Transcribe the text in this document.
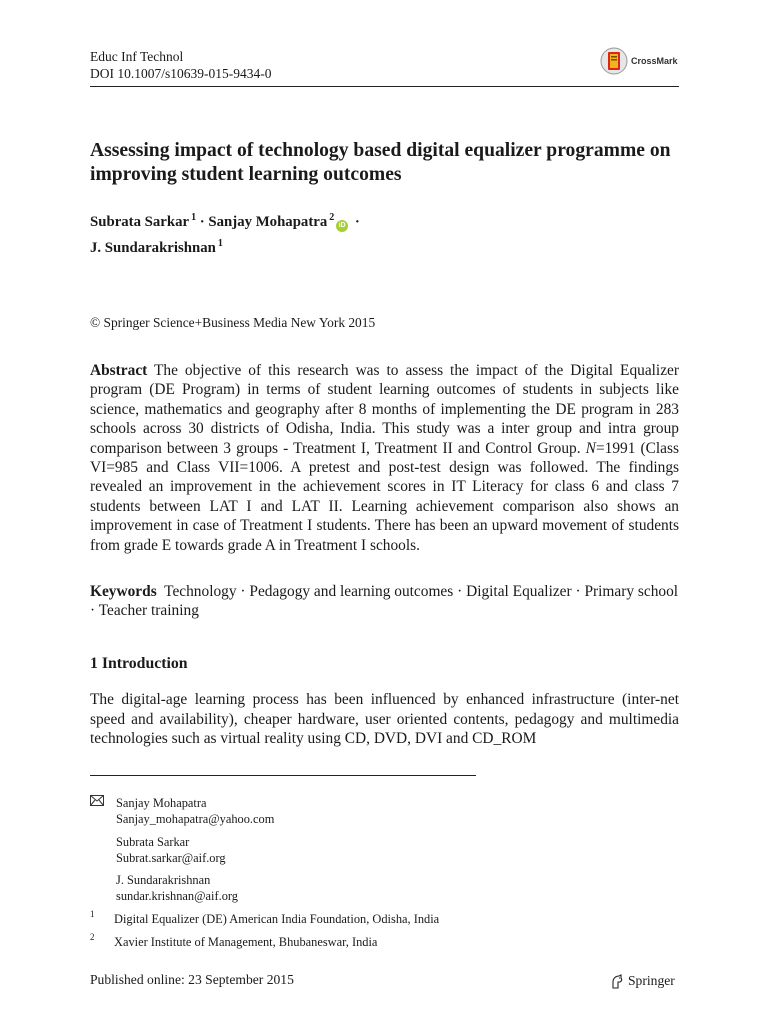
Educ Inf Technol
DOI 10.1007/s10639-015-9434-0
CrossMark
Assessing impact of technology based digital equalizer programme on improving student learning outcomes
Subrata Sarkar $^1$ · Sanjay Mohapatra $^2$iD ·
J. Sundarakrishnan $^1$
© Springer Science+Business Media New York 2015
Abstract The objective of this research was to assess the impact of the Digital Equalizer program (DE Program) in terms of student learning outcomes of students in subjects like science, mathematics and geography after 8 months of implementing the DE program in 283 schools across 30 districts of Odisha, India. This study was a inter group and intra group comparison between 3 groups - Treatment I, Treatment II and Control Group. N=1991 (Class VI=985 and Class VII=1006. A pretest and post-test design was followed. The findings revealed an improvement in the achievement scores in IT Literacy for class 6 and class 7 students between LAT I and LAT II. Learning achievement comparison also shows an improvement in case of Treatment I students. There has been an upward movement of students from grade E towards grade A in Treatment I schools.
Keywords Technology · Pedagogy and learning outcomes · Digital Equalizer · Primary school · Teacher training
1 Introduction
The digital-age learning process has been influenced by enhanced infrastructure (inter-net speed and availability), cheaper hardware, user oriented contents, pedagogy and multimedia technologies such as virtual reality using CD, DVD, DVI and CD_ROM
Sanjay Mohapatra
Sanjay_mohapatra@yahoo.com
Subrata Sarkar
Subrat.sarkar@aif.org
J. Sundarakrishnan
sundar.krishnan@aif.org
1 Digital Equalizer (DE) American India Foundation, Odisha, India
2 Xavier Institute of Management, Bhubaneswar, India
Published online: 23 September 2015	Springer
